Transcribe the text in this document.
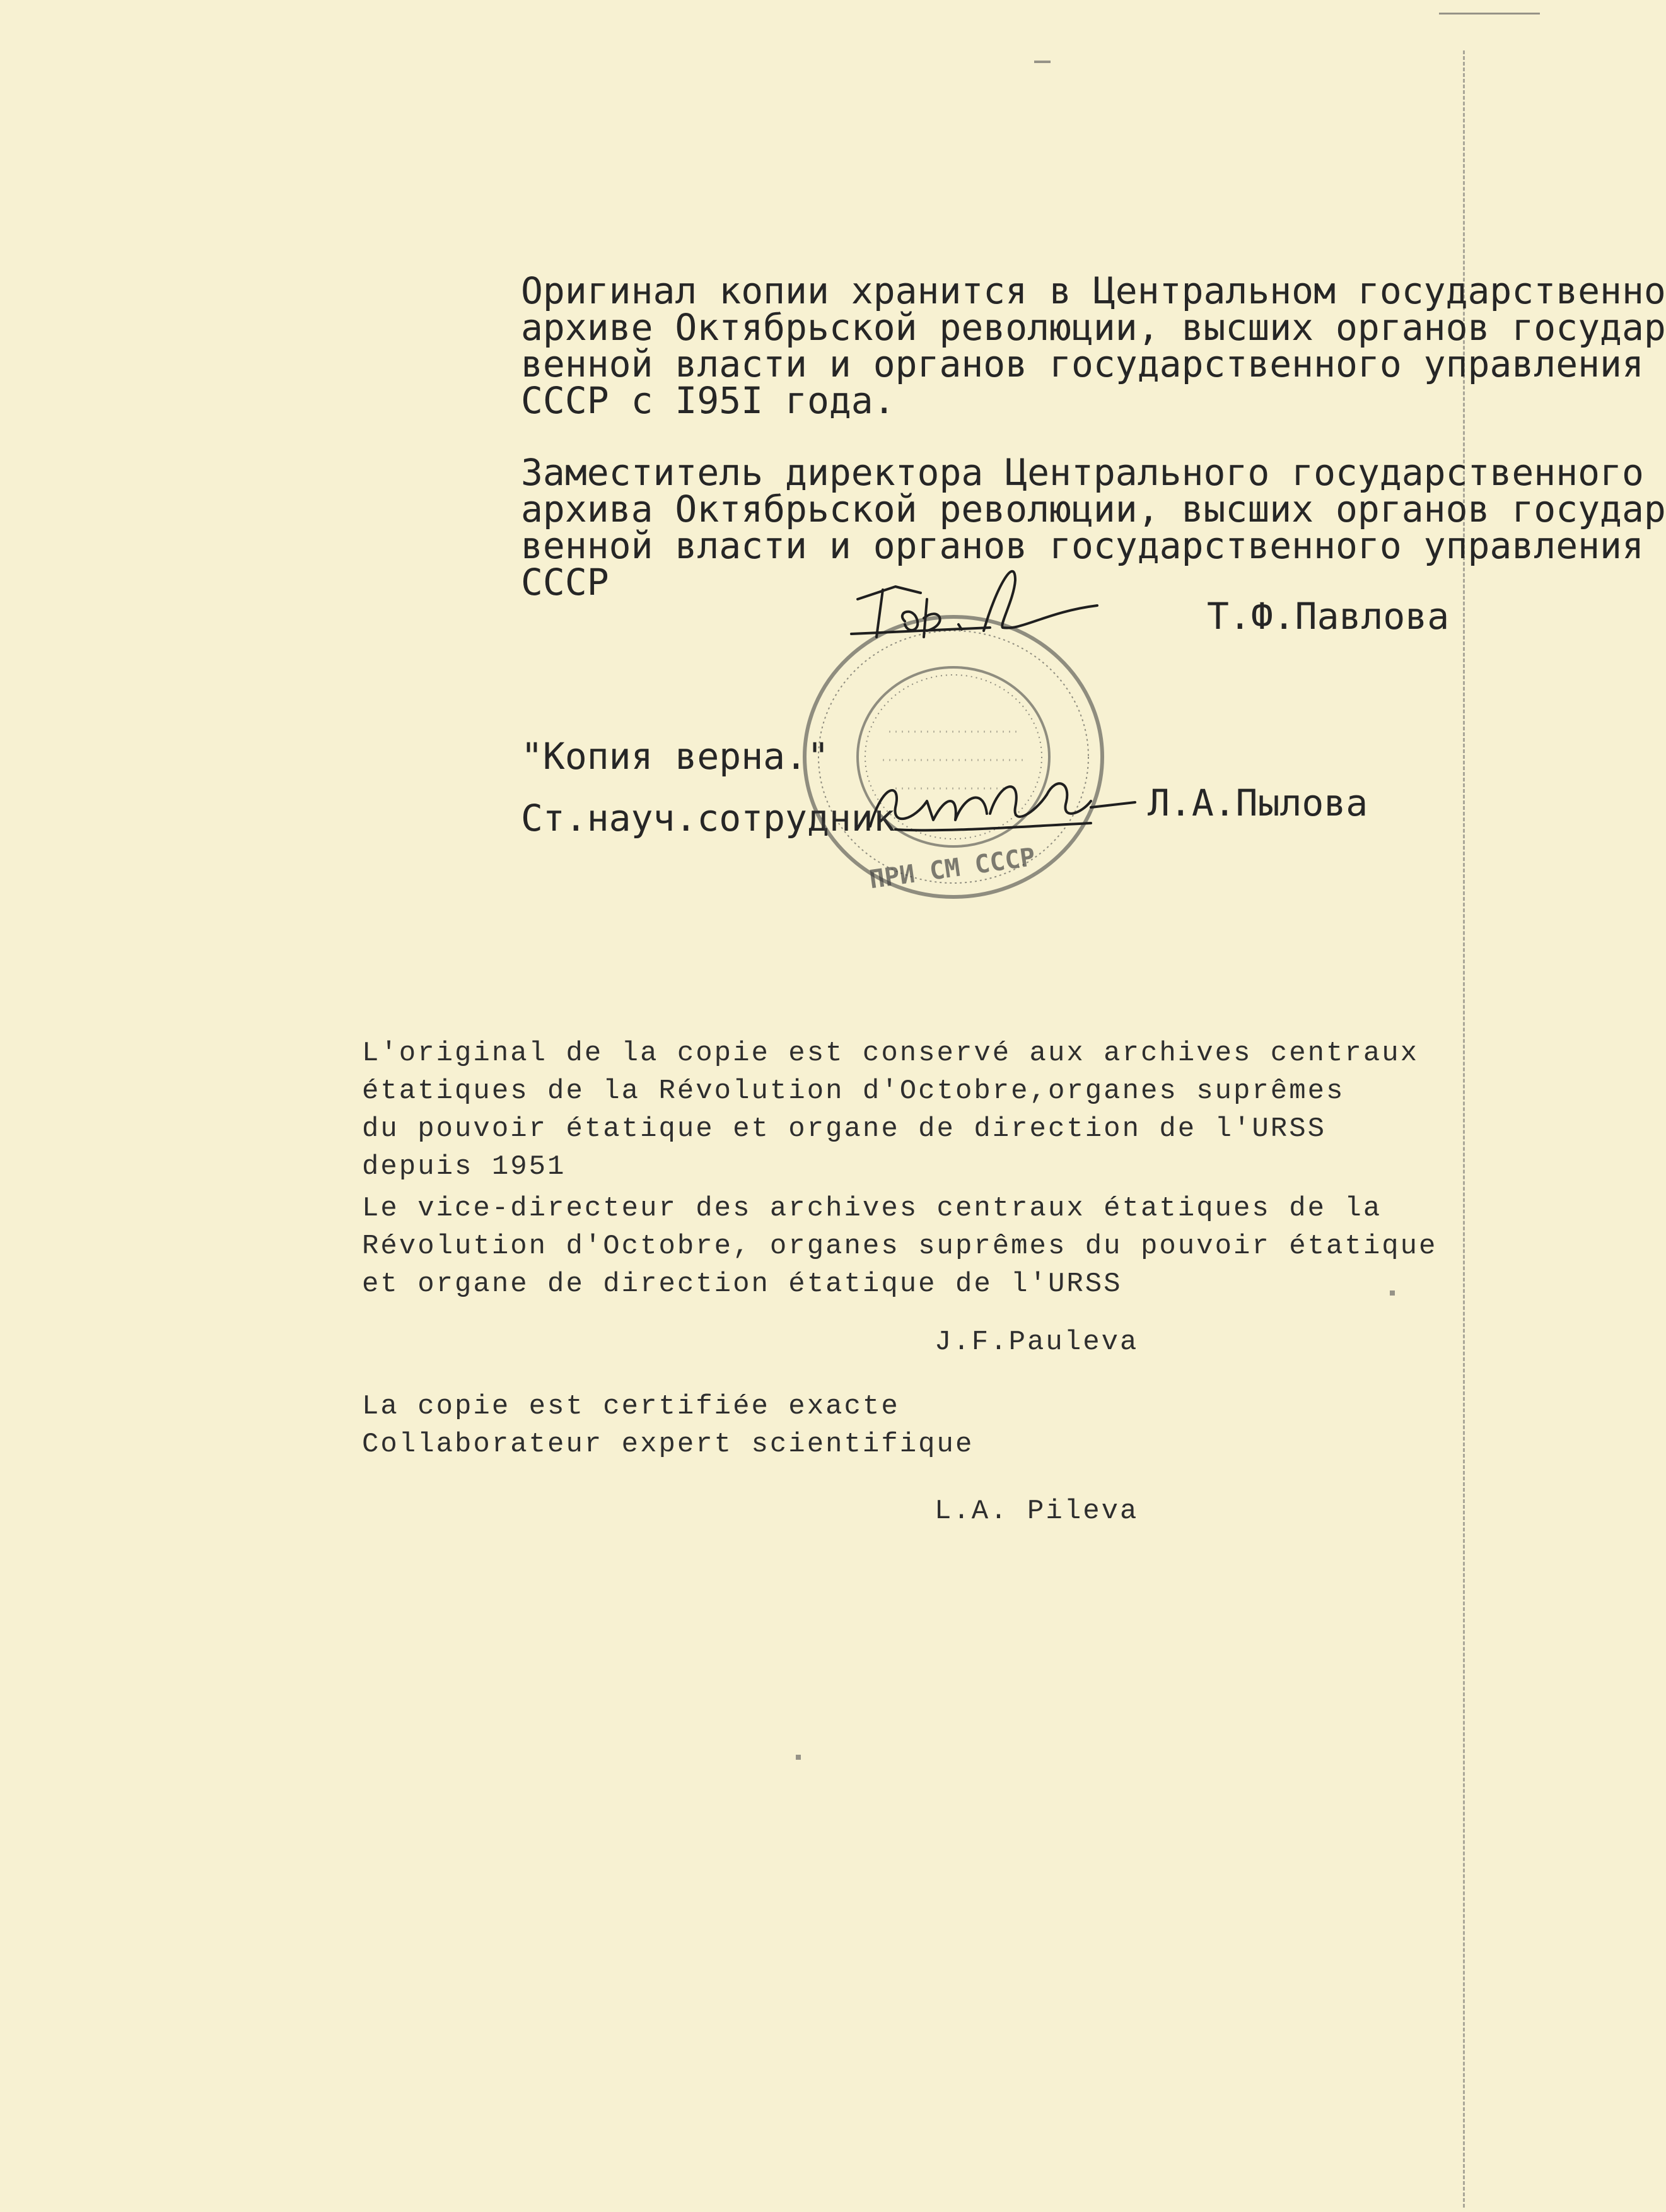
Оригинал копии хранится в Центральном государственно
архиве Октябрьской революции, высших органов государ
венной власти и органов государственного управления
СССР с I95I года.
Заместитель директора Центрального государственного
архива Октябрьской революции, высших органов государ
венной власти и органов государственного управления
СССР
Т.Ф.Павлова
"Копия верна."
Ст.науч.сотрудник	Л.А.Пылова
ПРИ СМ СССР
L'original de la copie est conservé aux archives centraux
étatiques de la Révolution d'Octobre,organes suprêmes
du pouvoir étatique et organe de direction de l'URSS
depuis 1951
Le vice-directeur des archives centraux étatiques de la
Révolution d'Octobre, organes suprêmes du pouvoir étatique
et organe de direction étatique de l'URSS
J.F.Pauleva
La copie est certifiée exacte
Collaborateur expert scientifique
L.A. Pileva
